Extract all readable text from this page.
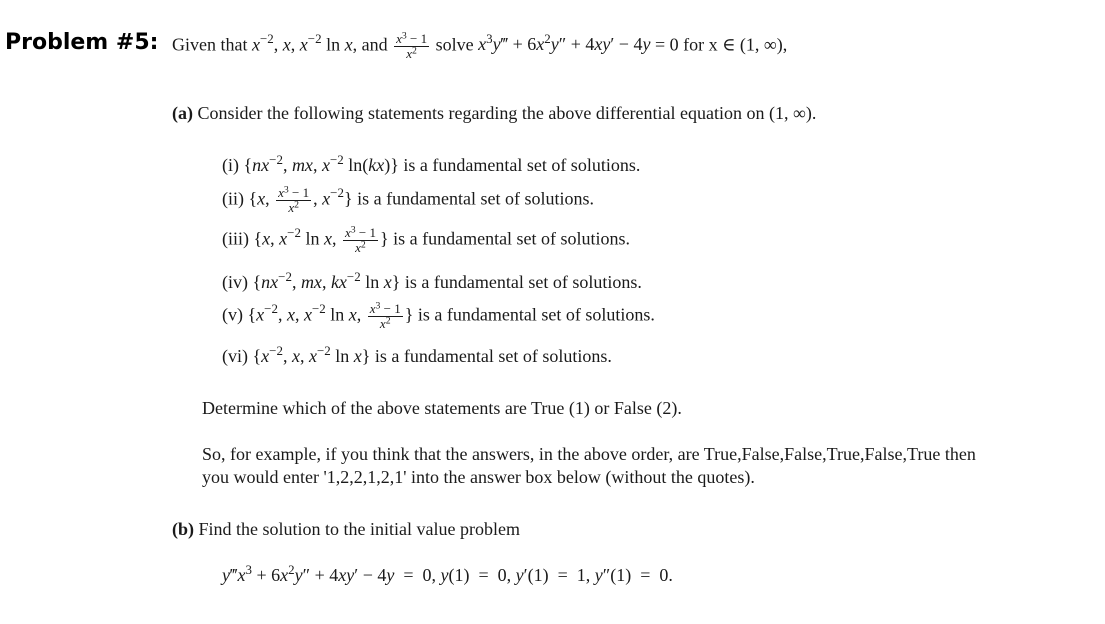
Problem #5: Given that $x^{-2}$, x, $x^{-2}$ ln x, and $\frac{x^3 - 1}{x^2}$ solve $x^3y‴ + 6x^2y'' + 4xy' - 4y = 0$ for x ∈ (1, ∞),
(a) Consider the following statements regarding the above differential equation on (1, ∞).
(i) {$nx^{-2}$, mx, $x^{-2}$ ln(kx)} is a fundamental set of solutions.
(ii) {x, $\frac{x^3 - 1}{x^2}$ , $x^{-2}$} is a fundamental set of solutions.
(iii) {x, $x^{-2}$ ln x, $\frac{x^3 - 1}{x^2}$ } is a fundamental set of solutions.
(iv) {$nx^{-2}$, mx, $kx^{-2}$ ln x} is a fundamental set of solutions.
(v) {$x^{-2}$, x, $x^{-2}$ ln x, $\frac{x^3 - 1}{x^2}$ } is a fundamental set of solutions.
(vi) {$x^{-2}$, x, $x^{-2}$ ln x} is a fundamental set of solutions.
Determine which of the above statements are True (1) or False (2).
So, for example, if you think that the answers, in the above order, are True,False,False,True,False,True then
you would enter '1,2,2,1,2,1' into the answer box below (without the quotes).
(b) Find the solution to the initial value problem
$y‴x^3 + 6x^2y'' + 4xy' - 4y = 0$, y(1)  =  0, y′(1)  =  1, y″(1)  =  0.
